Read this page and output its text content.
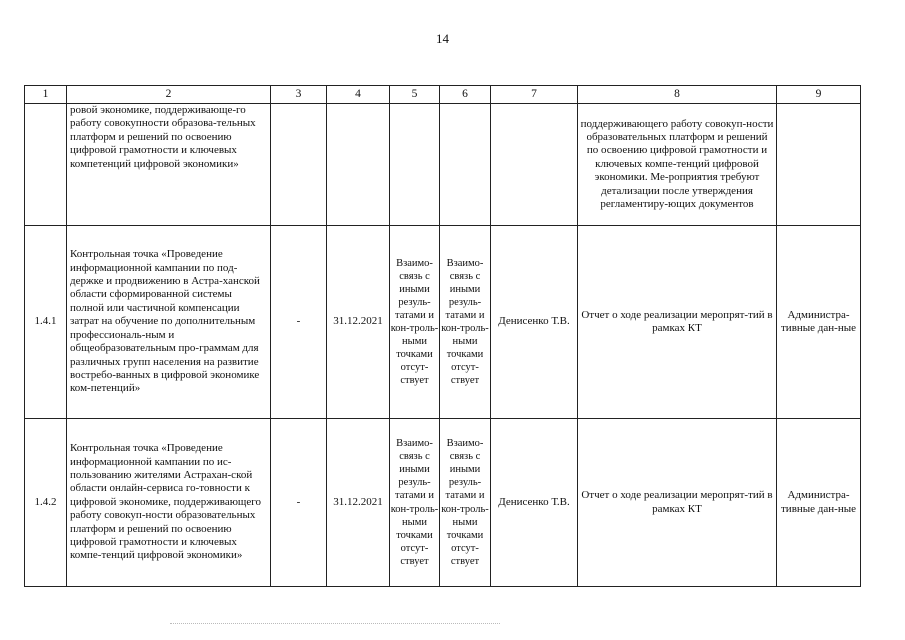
14
1	2	3	4	5	6	7	8	9
	ровой экономике, поддерживающе-го работу совокупности образова-тельных платформ и решений по освоению цифровой грамотности и ключевых компетенций цифровой экономики»						поддерживающего работу совокуп-ности образовательных платформ и решений по освоению цифровой грамотности и ключевых компе-тенций цифровой экономики. Ме-роприятия требуют детализации после утверждения регламентиру-ющих документов	
1.4.1	Контрольная точка «Проведение информационной кампании по под-держке и продвижению в Астра-ханской области сформированной системы полной или частичной компенсации затрат на обучение по дополнительным профессиональ-ным и общеобразовательным про-граммам для различных групп населения на развитие востребо-ванных в цифровой экономике ком-петенций»	-	31.12.2021	Взаимо-связь с иными резуль-татами и кон-троль-ными точками отсут-ствует	Взаимо-связь с иными резуль-татами и кон-троль-ными точками отсут-ствует	Денисенко Т.В.	Отчет о ходе реализации меропрят-тий в рамках КТ	Администра-тивные дан-ные
1.4.2	Контрольная точка «Проведение информационной кампании по ис-пользованию жителями Астрахан-ской области онлайн-сервиса го-товности к цифровой экономике, поддерживающего работу совокуп-ности образовательных платформ и решений по освоению цифровой грамотности и ключевых компе-тенций цифровой экономики»	-	31.12.2021	Взаимо-связь с иными резуль-татами и кон-троль-ными точками отсут-ствует	Взаимо-связь с иными резуль-татами и кон-троль-ными точками отсут-ствует	Денисенко Т.В.	Отчет о ходе реализации меропрят-тий в рамках КТ	Администра-тивные дан-ные
